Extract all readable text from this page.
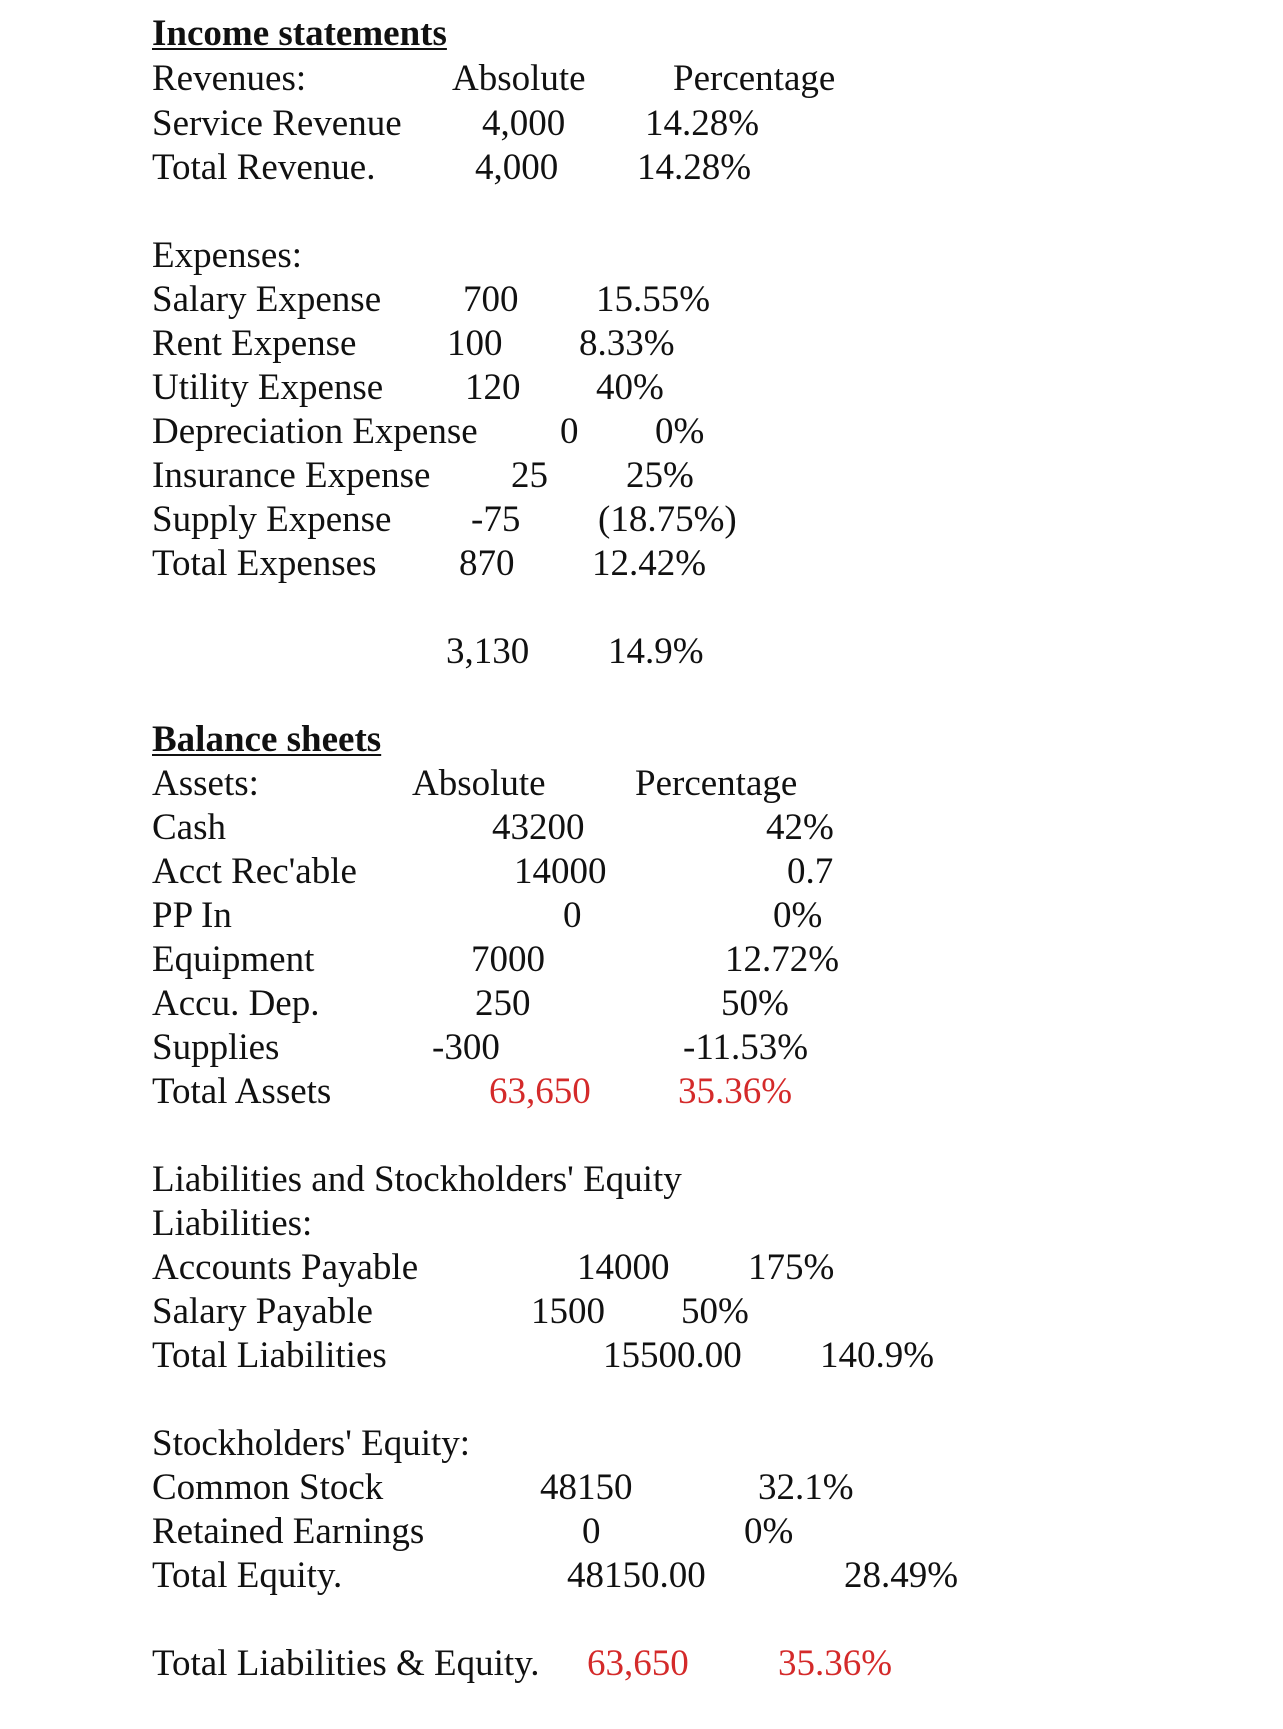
Income statements
Revenues:	Absolute Percentage
Service Revenue 4,000 14.28%
Total Revenue.	4,000 14.28%
Expenses:
Salary Expense 700 15.55%
Rent Expense 100 8.33%
Utility Expense 120 40%
Depreciation Expense 0 0%
Insurance Expense 25 25%
Supply Expense -75 (18.75%)
Total Expenses 870 12.42%
3,130 14.9%
Balance sheets
Assets:	Absolute Percentage
Cash	43200	42%
Acct Rec'able	14000	0.7
PP In	0	0%
Equipment	7000	12.72%
Accu. Dep.	250	50%
Supplies	-300	-11.53%
Total Assets	63,650 35.36%
Liabilities and Stockholders' Equity
Liabilities:
Accounts Payable	14000 175%
Salary Payable	1500 50%
Total Liabilities	15500.00 140.9%
Stockholders' Equity:
Common Stock	48150	32.1%
Retained Earnings	0	0%
Total Equity.	48150.00	28.49%
Total Liabilities & Equity. 63,650 35.36%
